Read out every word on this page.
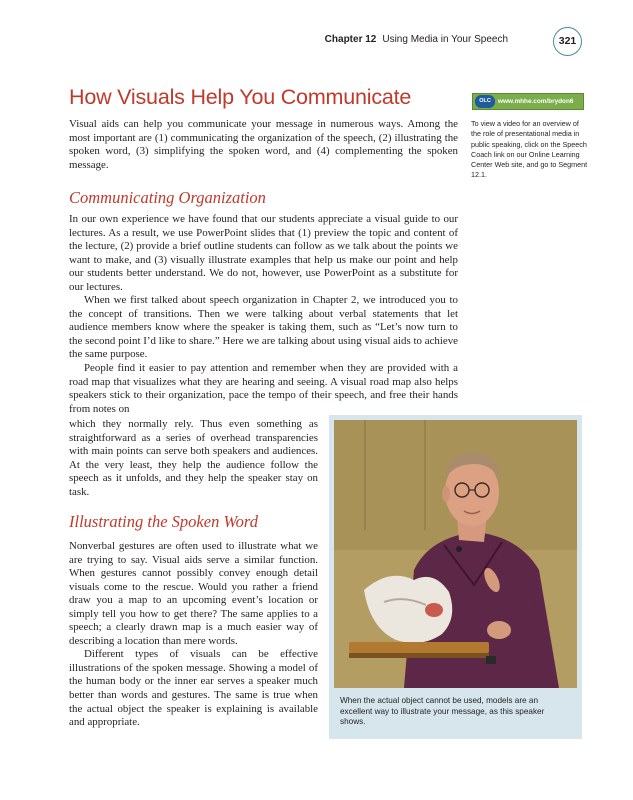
Chapter 12 Using Media in Your Speech	321
How Visuals Help You Communicate

Visual aids can help you communicate your message in numerous ways. Among the most important are (1) communicating the organization of the speech, (2) illustrating the spoken word, (3) simplifying the spoken word, and (4) complementing the spoken message.

Communicating Organization

In our own experience we have found that our students appreciate a visual guide to our lectures. As a result, we use PowerPoint slides that (1) preview the topic and content of the lecture, (2) provide a brief outline students can follow as we talk about the points we want to make, and (3) visually illustrate examples that help us make our point and help our students better understand. We do not, however, use PowerPoint as a substitute for our lectures.

When we first talked about speech organization in Chapter 2, we introduced you to the concept of transitions. Then we were talking about verbal statements that let audience members know where the speaker is taking them, such as “Let’s now turn to the second point I’d like to share.” Here we are talking about using visual aids to achieve the same purpose.

People find it easier to pay attention and remember when they are provided with a road map that visualizes what they are hearing and seeing. A visual road map also helps speakers stick to their organization, pace the tempo of their speech, and free their hands from notes on

which they normally rely. Thus even something as straightforward as a series of overhead transparencies with main points can serve both speakers and audiences. At the very least, they help the audience follow the speech as it unfolds, and they help the speaker stay on task.

Illustrating the Spoken Word

Nonverbal gestures are often used to illustrate what we are trying to say. Visual aids serve a similar function. When gestures cannot possibly convey enough detail visuals come to the rescue. Would you rather a friend draw you a map to an upcoming event’s location or simply tell you how to get there? The same applies to a speech; a clearly drawn map is a much easier way of describing a location than mere words.

Different types of visuals can be effective illustrations of the spoken message. Showing a model of the human body or the inner ear serves a speaker much better than words and gestures. The same is true when the actual object the speaker is explaining is available and appropriate.

OLC	www.mhhe.com/brydon6
To view a video for an overview of the role of presentational media in public speaking, click on the Speech Coach link on our Online Learning Center Web site, and go to Segment 12.1.
When the actual object cannot be used, models are an excellent way to illustrate your message, as this speaker shows.
